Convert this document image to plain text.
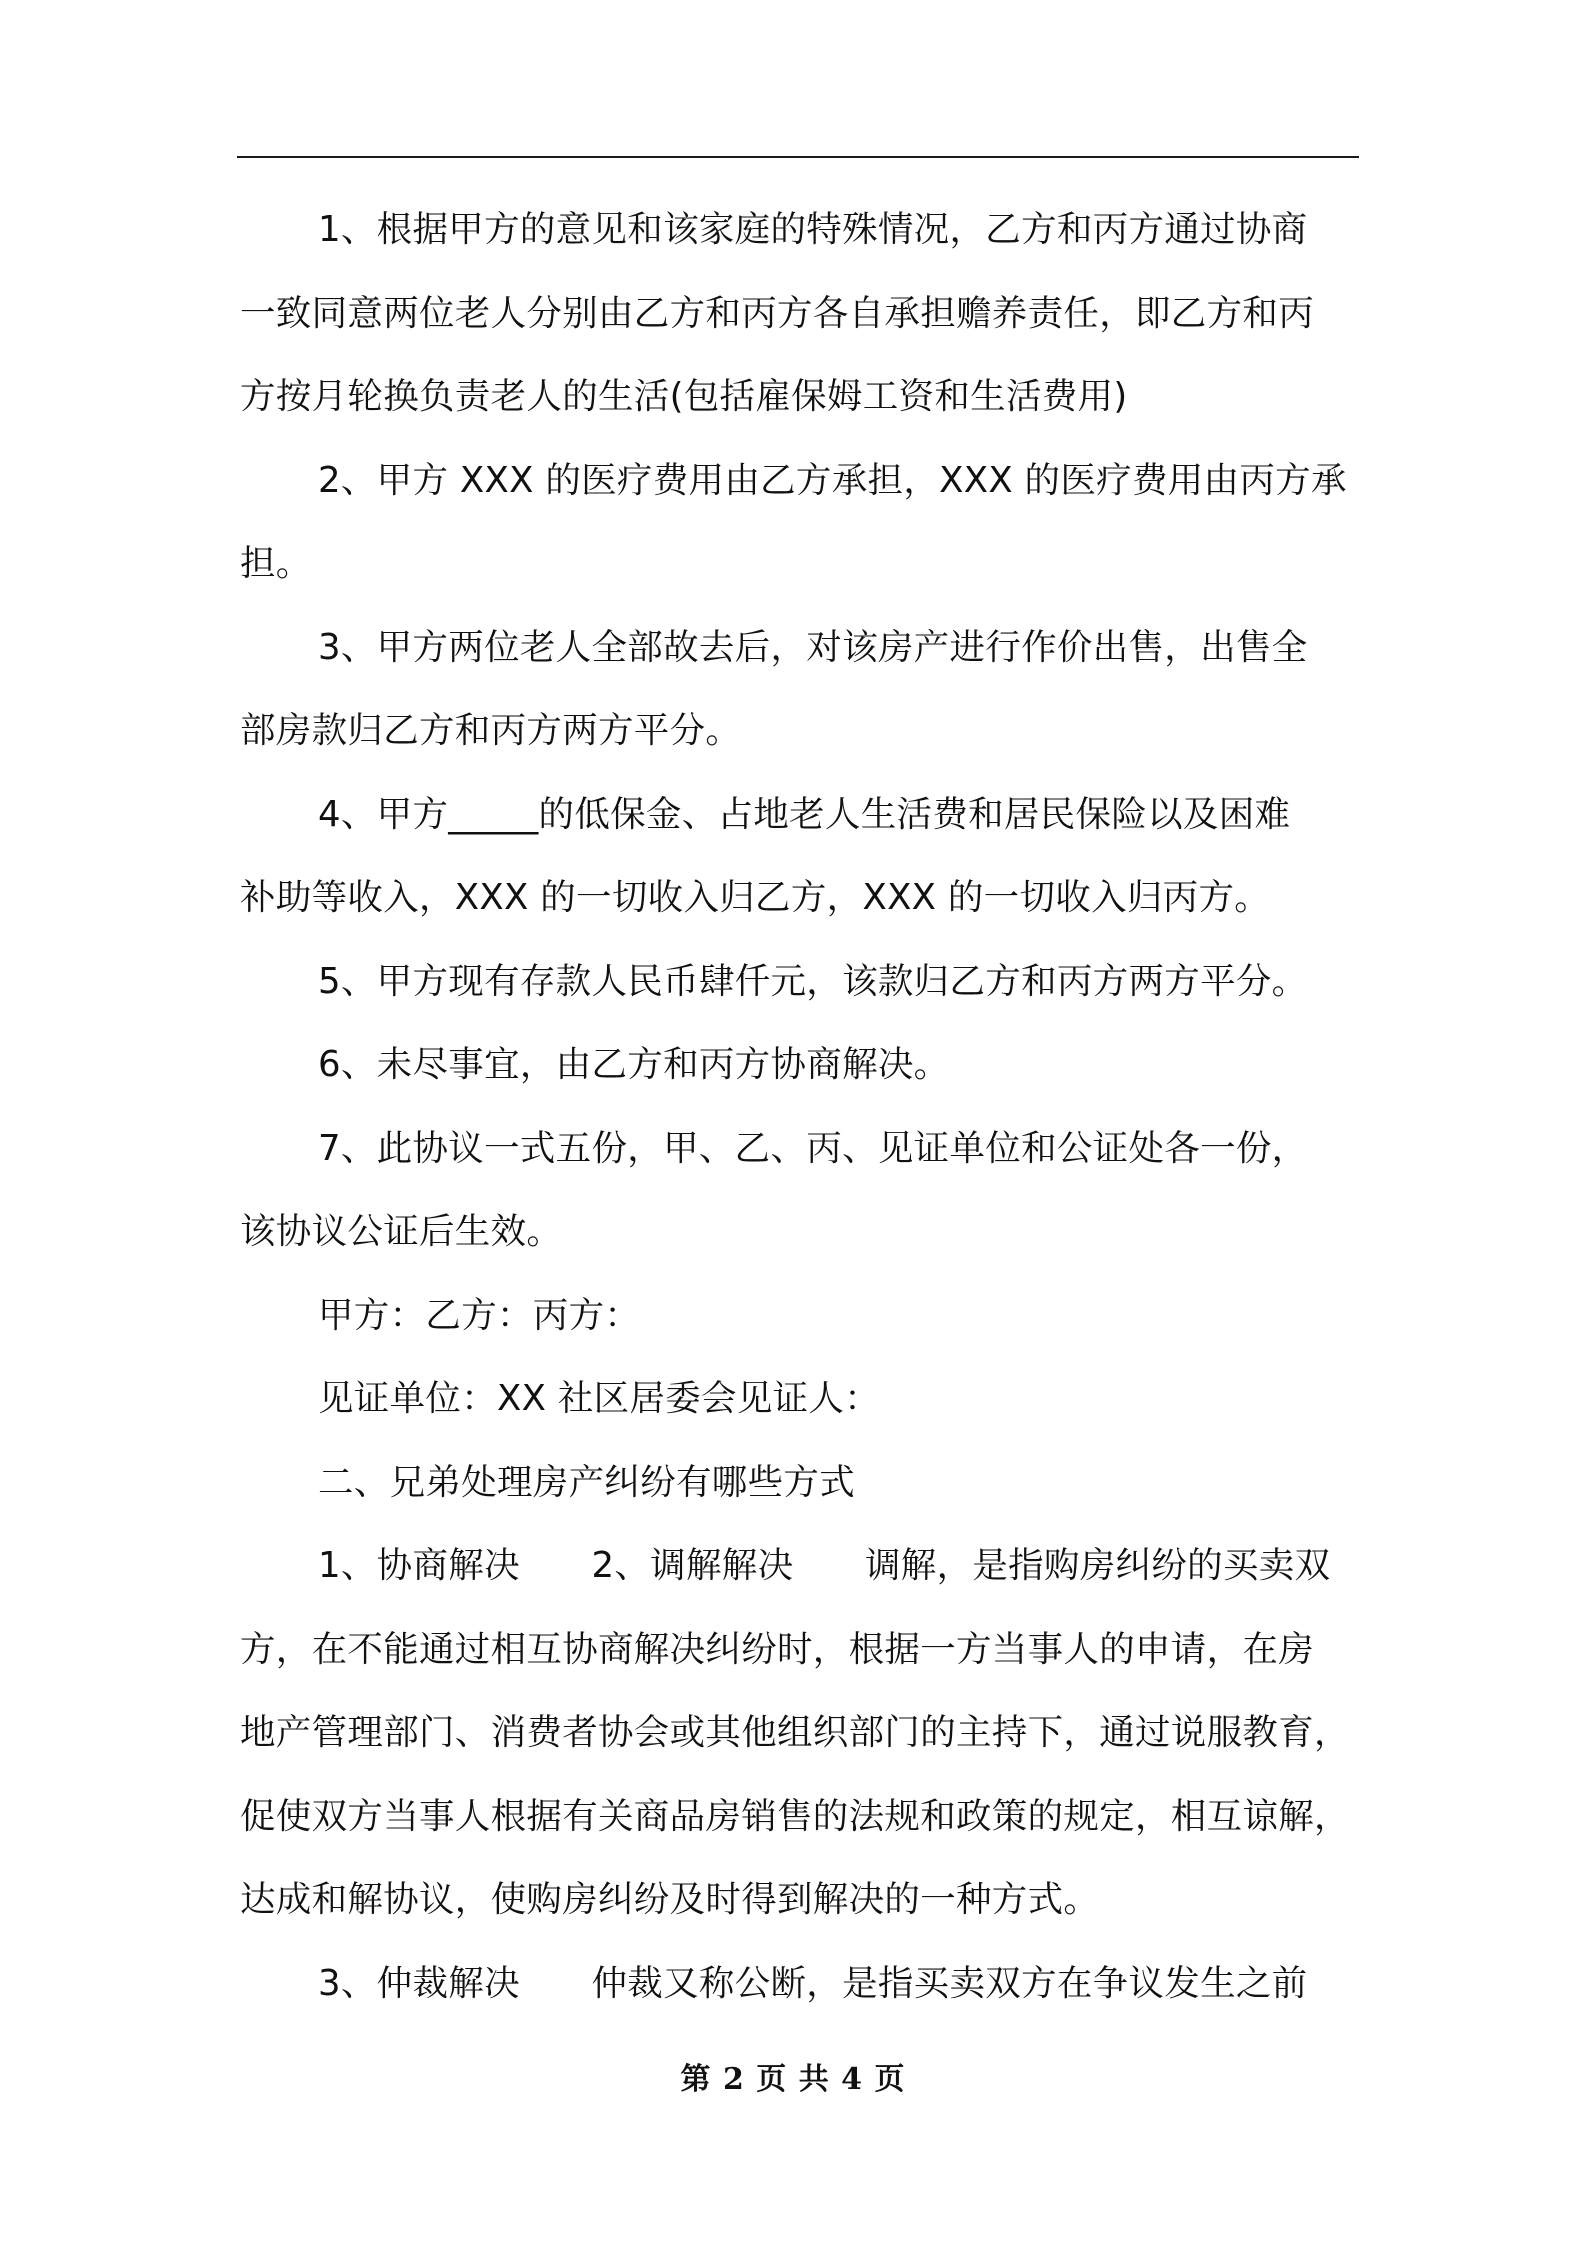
1、根据甲方的意见和该家庭的特殊情况，乙方和丙方通过协商
一致同意两位老人分别由乙方和丙方各自承担赡养责任，即乙方和丙
方按月轮换负责老人的生活(包括雇保姆工资和生活费用)
2、甲方 XXX 的医疗费用由乙方承担，XXX 的医疗费用由丙方承
担。
3、甲方两位老人全部故去后，对该房产进行作价出售，出售全
部房款归乙方和丙方两方平分。
4、甲方_____的低保金、占地老人生活费和居民保险以及困难
补助等收入，XXX 的一切收入归乙方，XXX 的一切收入归丙方。
5、甲方现有存款人民币肆仟元，该款归乙方和丙方两方平分。
6、未尽事宜，由乙方和丙方协商解决。
7、此协议一式五份，甲、乙、丙、见证单位和公证处各一份，
该协议公证后生效。
甲方：乙方：丙方：
见证单位：XX 社区居委会见证人：
二、兄弟处理房产纠纷有哪些方式
1、协商解决　　2、调解解决　　调解，是指购房纠纷的买卖双
方，在不能通过相互协商解决纠纷时，根据一方当事人的申请，在房
地产管理部门、消费者协会或其他组织部门的主持下，通过说服教育，
促使双方当事人根据有关商品房销售的法规和政策的规定，相互谅解，
达成和解协议，使购房纠纷及时得到解决的一种方式。
3、仲裁解决　　仲裁又称公断，是指买卖双方在争议发生之前
第 2 页 共 4 页
